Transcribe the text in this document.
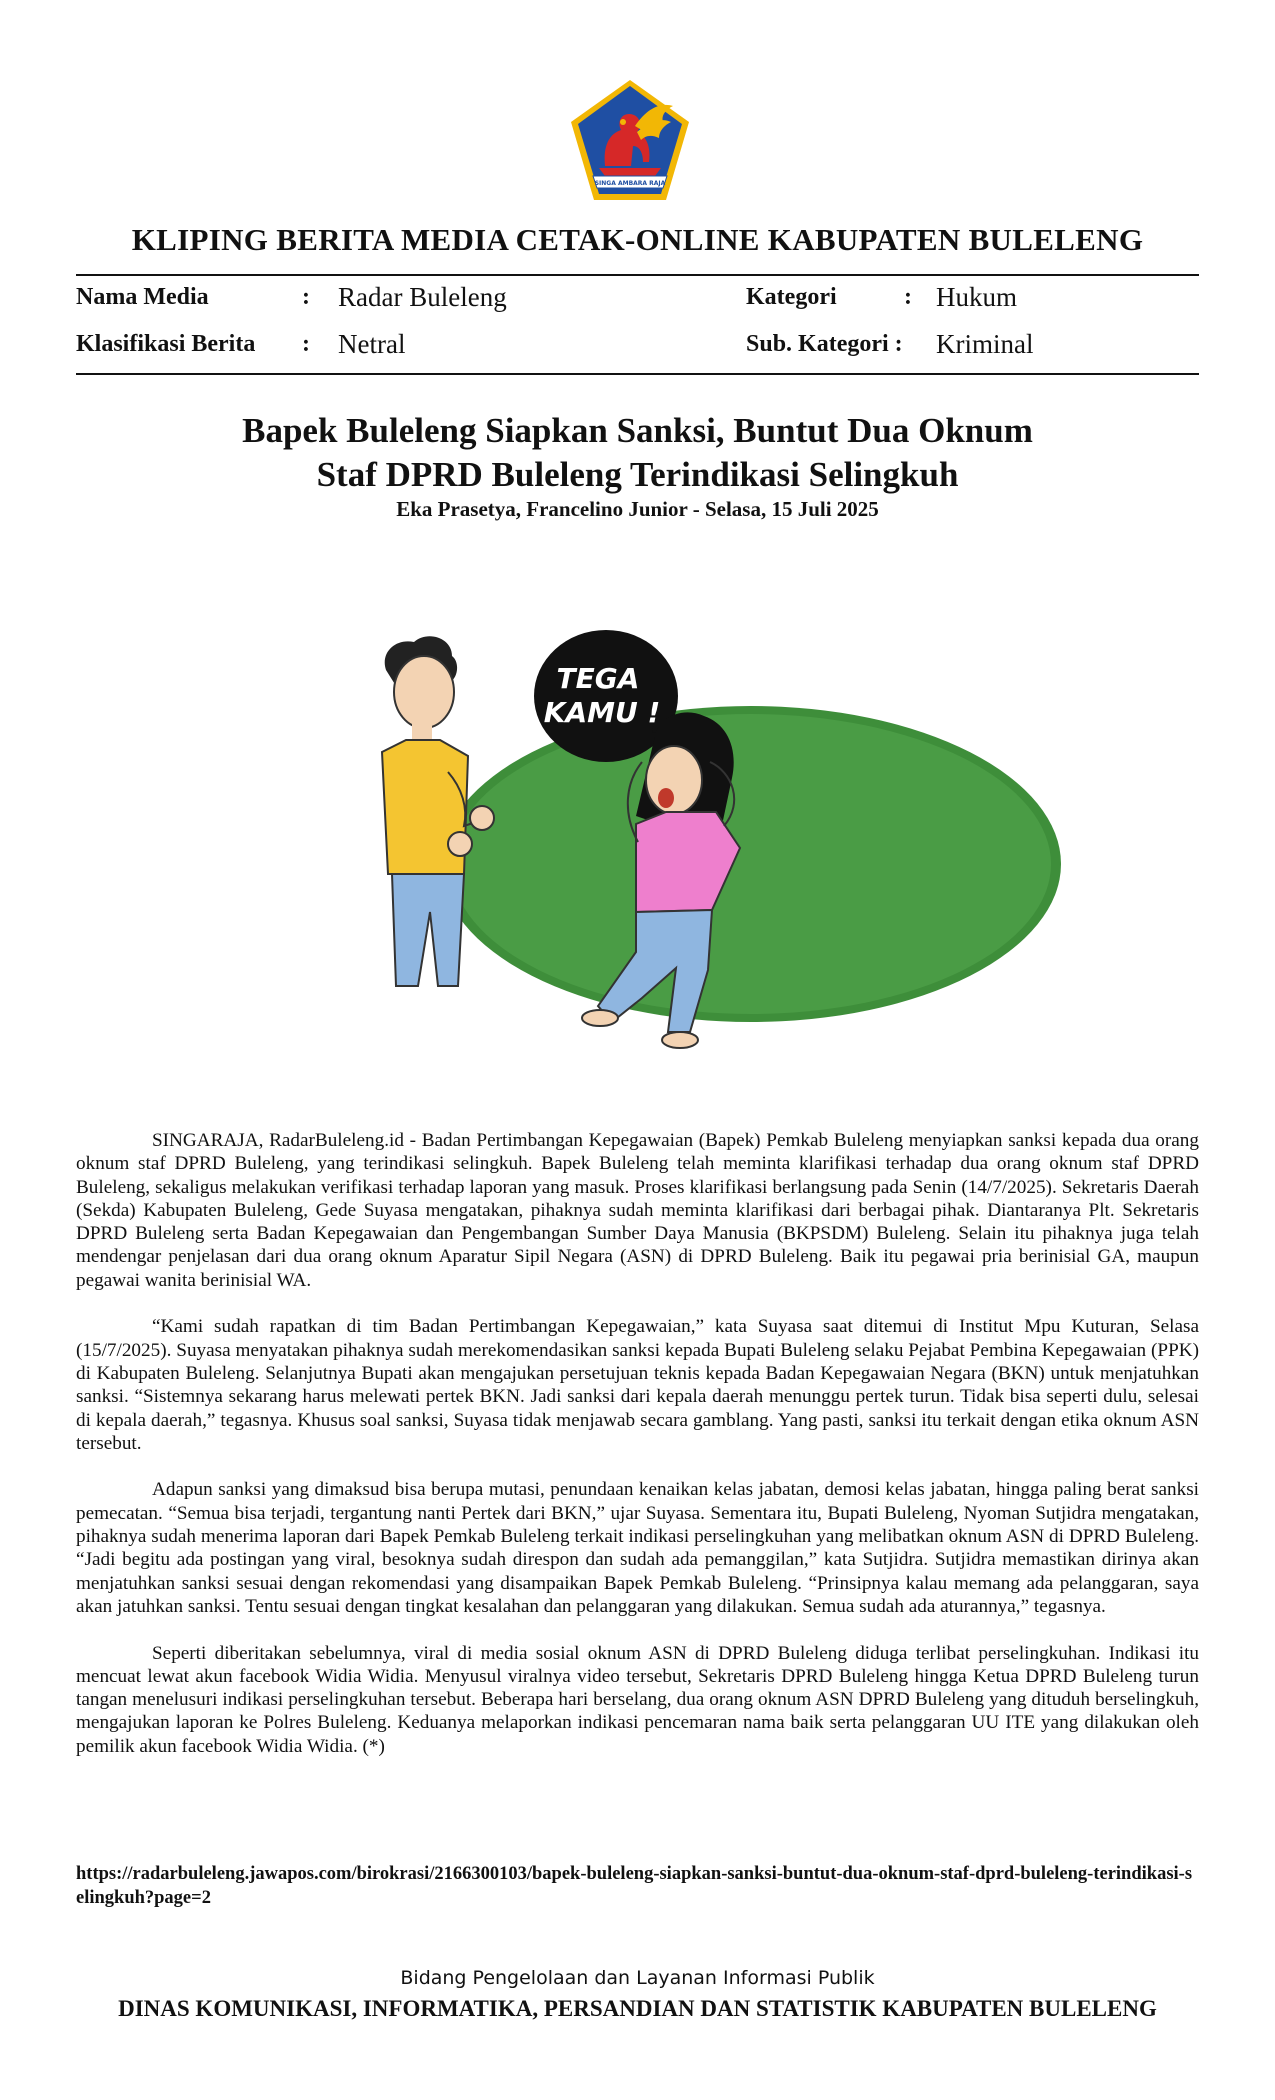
SINGA AMBARA RAJA
KLIPING BERITA MEDIA CETAK-ONLINE KABUPATEN BULELENG
Nama Media	: Radar Buleleng	Kategori	: Hukum
Klasifikasi Berita : Netral	Sub. Kategori : Kriminal
Bapek Buleleng Siapkan Sanksi, Buntut Dua Oknum
Staf DPRD Buleleng Terindikasi Selingkuh
Eka Prasetya, Francelino Junior - Selasa, 15 Juli 2025
TEGA
KAMU !

SINGARAJA, RadarBuleleng.id - Badan Pertimbangan Kepegawaian (Bapek) Pemkab Buleleng menyiapkan sanksi kepada dua orang oknum staf DPRD Buleleng, yang terindikasi selingkuh. Bapek Buleleng telah meminta klarifikasi terhadap dua orang oknum staf DPRD Buleleng, sekaligus melakukan verifikasi terhadap laporan yang masuk. Proses klarifikasi berlangsung pada Senin (14/7/2025). Sekretaris Daerah (Sekda) Kabupaten Buleleng, Gede Suyasa mengatakan, pihaknya sudah meminta klarifikasi dari berbagai pihak. Diantaranya Plt. Sekretaris DPRD Buleleng serta Badan Kepegawaian dan Pengembangan Sumber Daya Manusia (BKPSDM) Buleleng. Selain itu pihaknya juga telah mendengar penjelasan dari dua orang oknum Aparatur Sipil Negara (ASN) di DPRD Buleleng. Baik itu pegawai pria berinisial GA, maupun pegawai wanita berinisial WA.

“Kami sudah rapatkan di tim Badan Pertimbangan Kepegawaian,” kata Suyasa saat ditemui di Institut Mpu Kuturan, Selasa (15/7/2025). Suyasa menyatakan pihaknya sudah merekomendasikan sanksi kepada Bupati Buleleng selaku Pejabat Pembina Kepegawaian (PPK) di Kabupaten Buleleng. Selanjutnya Bupati akan mengajukan persetujuan teknis kepada Badan Kepegawaian Negara (BKN) untuk menjatuhkan sanksi. “Sistemnya sekarang harus melewati pertek BKN. Jadi sanksi dari kepala daerah menunggu pertek turun. Tidak bisa seperti dulu, selesai di kepala daerah,” tegasnya. Khusus soal sanksi, Suyasa tidak menjawab secara gamblang. Yang pasti, sanksi itu terkait dengan etika oknum ASN tersebut.

Adapun sanksi yang dimaksud bisa berupa mutasi, penundaan kenaikan kelas jabatan, demosi kelas jabatan, hingga paling berat sanksi pemecatan. “Semua bisa terjadi, tergantung nanti Pertek dari BKN,” ujar Suyasa. Sementara itu, Bupati Buleleng, Nyoman Sutjidra mengatakan, pihaknya sudah menerima laporan dari Bapek Pemkab Buleleng terkait indikasi perselingkuhan yang melibatkan oknum ASN di DPRD Buleleng. “Jadi begitu ada postingan yang viral, besoknya sudah direspon dan sudah ada pemanggilan,” kata Sutjidra. Sutjidra memastikan dirinya akan menjatuhkan sanksi sesuai dengan rekomendasi yang disampaikan Bapek Pemkab Buleleng. “Prinsipnya kalau memang ada pelanggaran, saya akan jatuhkan sanksi. Tentu sesuai dengan tingkat kesalahan dan pelanggaran yang dilakukan. Semua sudah ada aturannya,” tegasnya.

Seperti diberitakan sebelumnya, viral di media sosial oknum ASN di DPRD Buleleng diduga terlibat perselingkuhan. Indikasi itu mencuat lewat akun facebook Widia Widia. Menyusul viralnya video tersebut, Sekretaris DPRD Buleleng hingga Ketua DPRD Buleleng turun tangan menelusuri indikasi perselingkuhan tersebut. Beberapa hari berselang, dua orang oknum ASN DPRD Buleleng yang dituduh berselingkuh, mengajukan laporan ke Polres Buleleng. Keduanya melaporkan indikasi pencemaran nama baik serta pelanggaran UU ITE yang dilakukan oleh pemilik akun facebook Widia Widia. (*)

https://radarbuleleng.jawapos.com/birokrasi/2166300103/bapek-buleleng-siapkan-sanksi-buntut-dua-oknum-staf-dprd-buleleng-terindikasi-selingkuh?page=2
Bidang Pengelolaan dan Layanan Informasi Publik
DINAS KOMUNIKASI, INFORMATIKA, PERSANDIAN DAN STATISTIK KABUPATEN BULELENG
